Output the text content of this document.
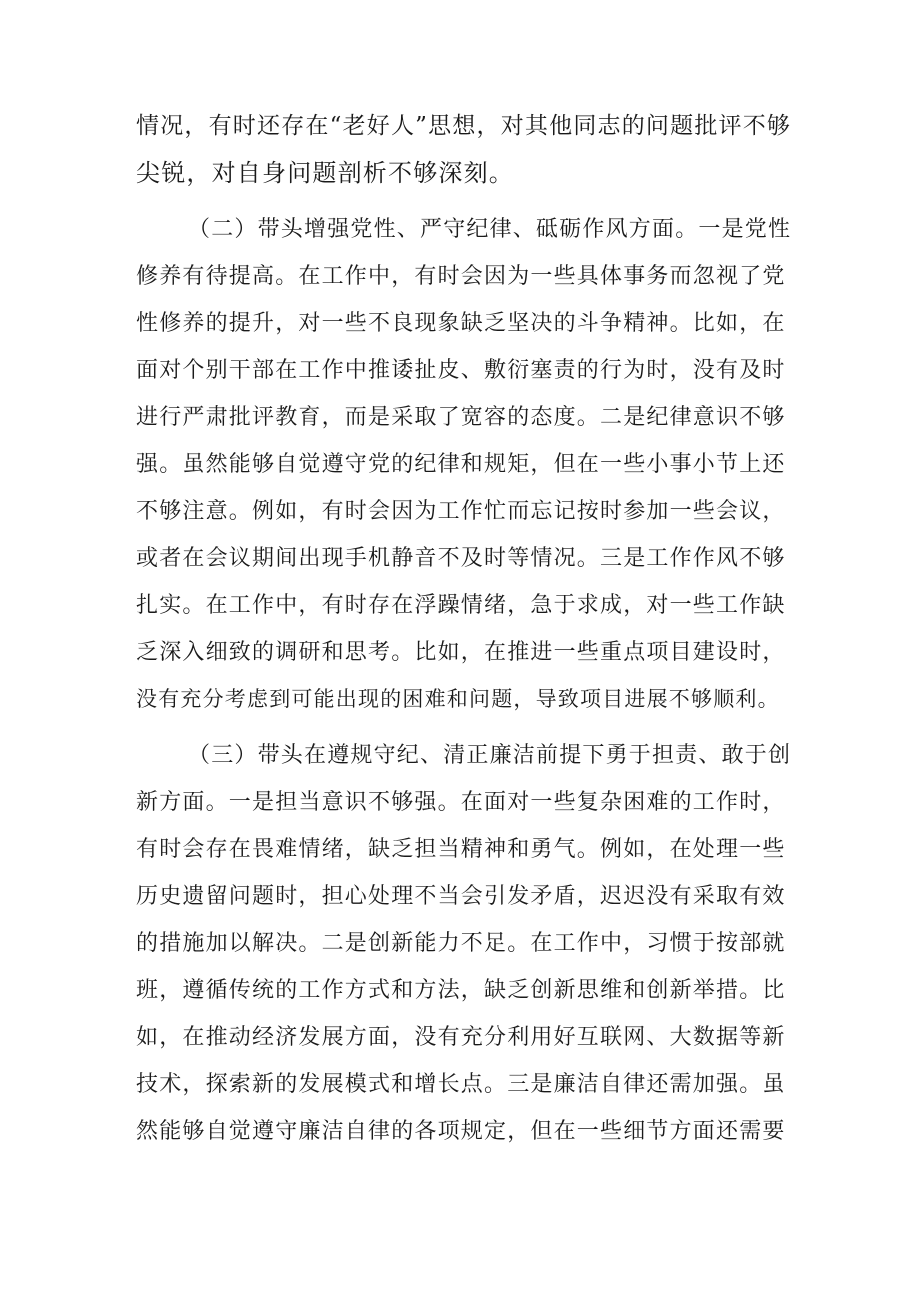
情况，有时还存在“老好人”思想，对其他同志的问题批评不够
尖锐，对自身问题剖析不够深刻。
（二）带头增强党性、严守纪律、砥砺作风方面。一是党性
修养有待提高。在工作中，有时会因为一些具体事务而忽视了党
性修养的提升，对一些不良现象缺乏坚决的斗争精神。比如，在
面对个别干部在工作中推诿扯皮、敷衍塞责的行为时，没有及时
进行严肃批评教育，而是采取了宽容的态度。二是纪律意识不够
强。虽然能够自觉遵守党的纪律和规矩，但在一些小事小节上还
不够注意。例如，有时会因为工作忙而忘记按时参加一些会议，
或者在会议期间出现手机静音不及时等情况。三是工作作风不够
扎实。在工作中，有时存在浮躁情绪，急于求成，对一些工作缺
乏深入细致的调研和思考。比如，在推进一些重点项目建设时，
没有充分考虑到可能出现的困难和问题，导致项目进展不够顺利。
（三）带头在遵规守纪、清正廉洁前提下勇于担责、敢于创
新方面。一是担当意识不够强。在面对一些复杂困难的工作时，
有时会存在畏难情绪，缺乏担当精神和勇气。例如，在处理一些
历史遗留问题时，担心处理不当会引发矛盾，迟迟没有采取有效
的措施加以解决。二是创新能力不足。在工作中，习惯于按部就
班，遵循传统的工作方式和方法，缺乏创新思维和创新举措。比
如，在推动经济发展方面，没有充分利用好互联网、大数据等新
技术，探索新的发展模式和增长点。三是廉洁自律还需加强。虽
然能够自觉遵守廉洁自律的各项规定，但在一些细节方面还需要
